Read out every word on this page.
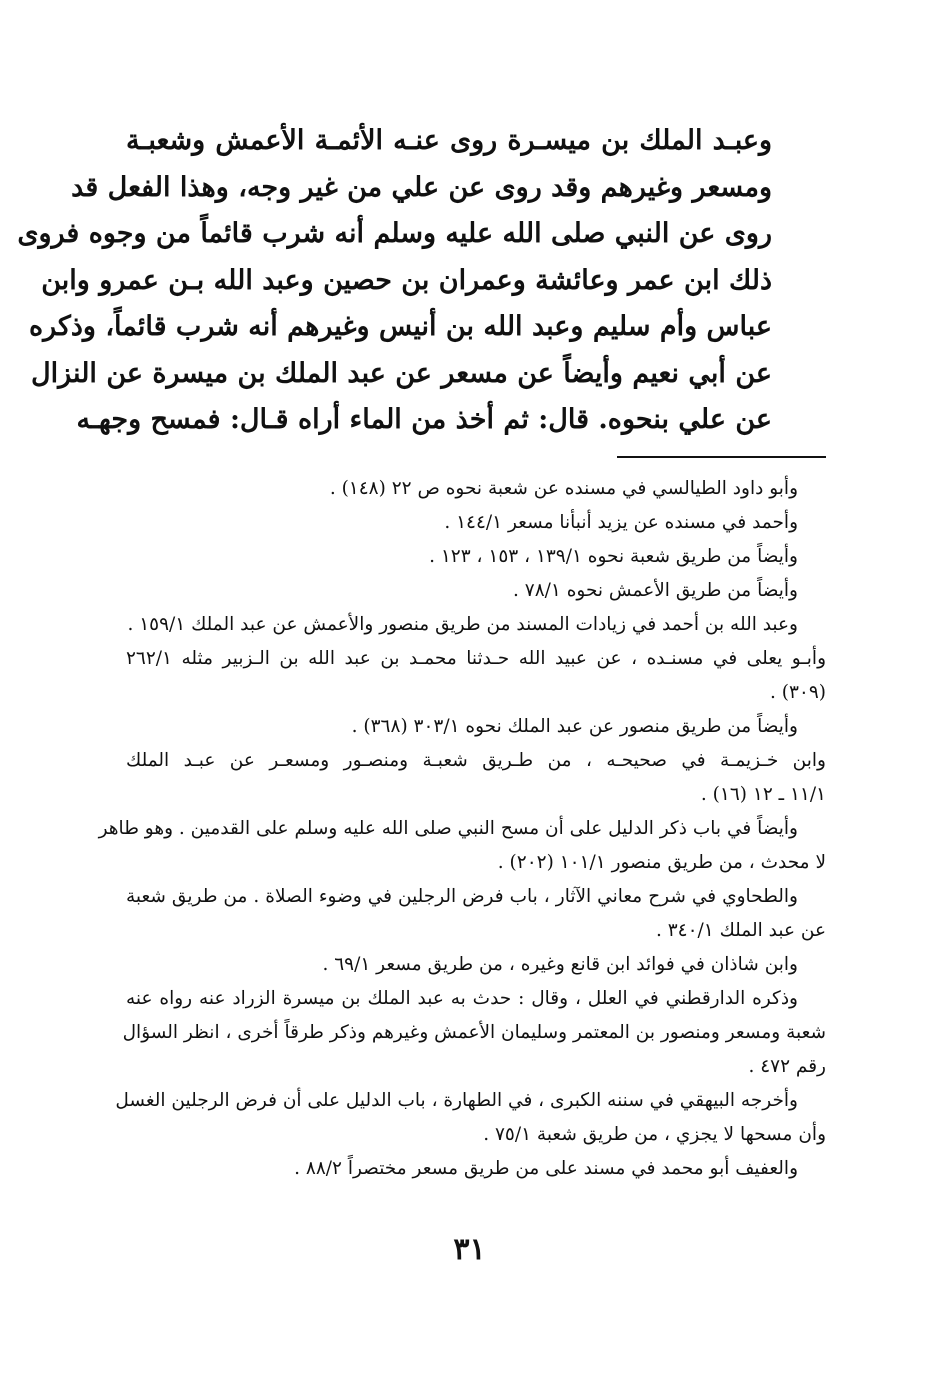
وعبـد الملك بن ميسـرة روى عنـه الأئمـة الأعمش وشعبـة
ومسعر وغيرهم وقد روى عن علي من غير وجه، وهذا الفعل قد
روى عن النبي صلى الله عليه وسلم أنه شرب قائماً من وجوه فروى
ذلك ابن عمر وعائشة وعمران بن حصين وعبد الله بـن عمرو وابن
عباس وأم سليم وعبد الله بن أنيس وغيرهم أنه شرب قائماً، وذكره
عن أبي نعيم وأيضاً عن مسعر عن عبد الملك بن ميسرة عن النزال
عن علي بنحوه. قال: ثم أخذ من الماء أراه قـال: فمسح وجهـه
وأبو داود الطيالسي في مسنده عن شعبة نحوه ص ٢٢ (١٤٨) .
وأحمد في مسنده عن يزيد أنبأنا مسعر ١٤٤/١ .
وأيضاً من طريق شعبة نحوه ١٣٩/١ ، ١٥٣ ، ١٢٣ .
وأيضاً من طريق الأعمش نحوه ٧٨/١ .
وعبد الله بن أحمد في زيادات المسند من طريق منصور والأعمش عن عبد الملك ١٥٩/١ .
وأبـو يعلى في مسنـده ، عن عبيد الله حـدثنا محمـد بن عبد الله بن الـزبير مثله ٢٦٢/١
(٣٠٩) .
وأيضاً من طريق منصور عن عبد الملك نحوه ٣٠٣/١ (٣٦٨) .
وابن خـزيمـة في صحيحـه ، من طـريق شعبـة ومنصـور ومسعـر عن عبـد الملك
١١/١ ـ ١٢ (١٦) .
وأيضاً في باب ذكر الدليل على أن مسح النبي صلى الله عليه وسلم على القدمين . وهو طاهر
لا محدث ، من طريق منصور ١٠١/١ (٢٠٢) .
والطحاوي في شرح معاني الآثار ، باب فرض الرجلين في وضوء الصلاة . من طريق شعبة
عن عبد الملك ٣٤٠/١ .
وابن شاذان في فوائد ابن قانع وغيره ، من طريق مسعر ٦٩/١ .
وذكره الدارقطني في العلل ، وقال : حدث به عبد الملك بن ميسرة الزراد عنه رواه عنه
شعبة ومسعر ومنصور بن المعتمر وسليمان الأعمش وغيرهم وذكر طرقاً أخرى ، انظر السؤال
رقم ٤٧٢ .
وأخرجه البيهقي في سننه الكبرى ، في الطهارة ، باب الدليل على أن فرض الرجلين الغسل
وأن مسحها لا يجزي ، من طريق شعبة ٧٥/١ .
والعفيف أبو محمد في مسند على من طريق مسعر مختصراً ٨٨/٢ .
٣١
